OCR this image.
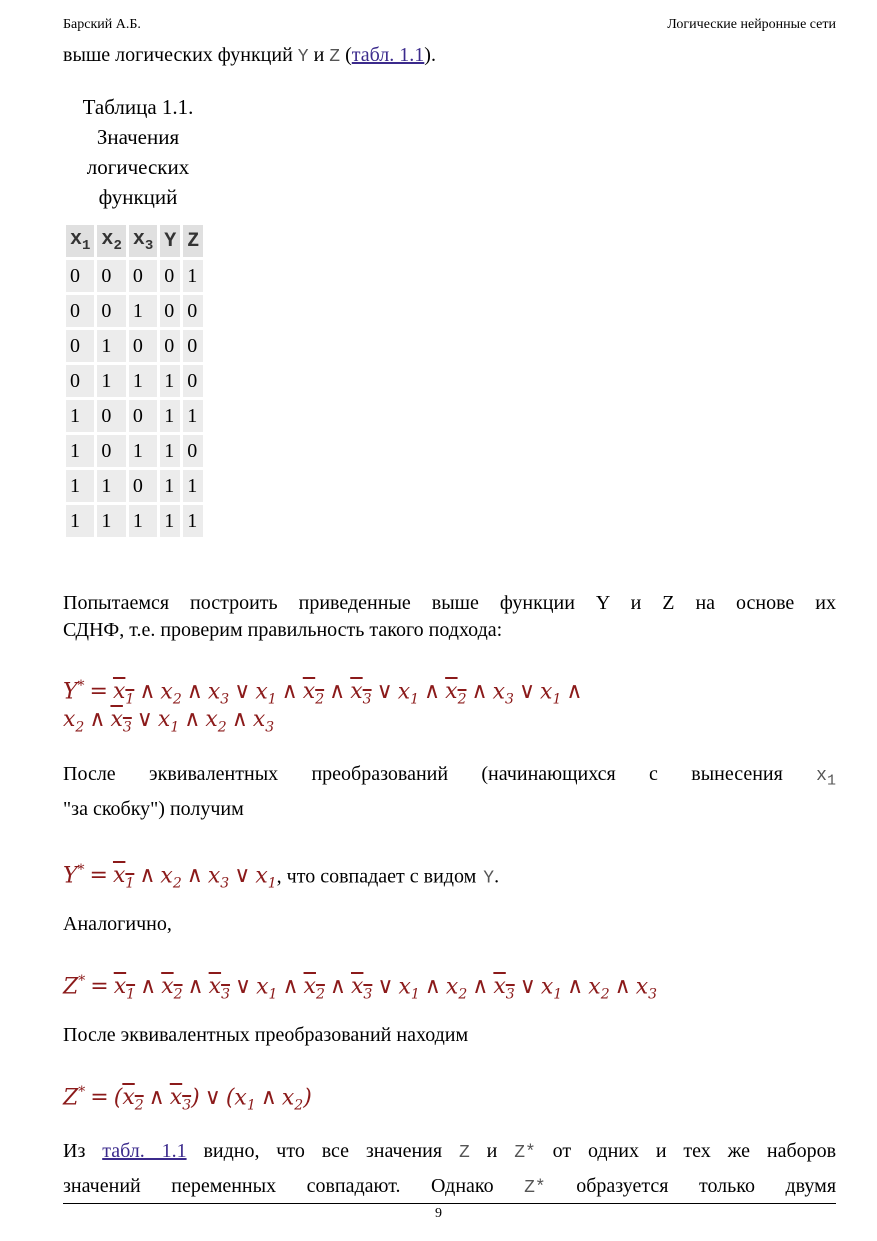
Барский А.Б.	Логические нейронные сети

выше логических функций Y и Z (табл. 1.1).

Таблица 1.1.
Значения
логических
функций
$x_1$	$x_2$	$x_3$	Y	Z
0	0	0	0	1
0	0	1	0	0
0	1	0	0	0
0	1	1	1	0
1	0	0	1	1
1	0	1	1	0
1	1	0	1	1
1	1	1	1	1

Попытаемся построить приведенные выше функции Y и Z на основе их

СДНФ, т.е. проверим правильность такого подхода:

$Y^* = x_1$ ∧ $x_2$ ∧ $x_3$ ∨ $x_1$ ∧ $x_2$ ∧ $x_3$ ∨ $x_1$ ∧ $x_2$ ∧ $x_3$ ∨ $x_1$ ∧
$x_2$ ∧ $x_3$ ∨ $x_1$ ∧ $x_2$ ∧ $x_3$

После эквивалентных преобразований (начинающихся с вынесения $x_1$

"за скобку") получим

$Y^* = x_1$ ∧ $x_2$ ∧ $x_3$ ∨ $x_1$, что совпадает с видом Y.

Аналогично,

$Z^* = x_1$ ∧ $x_2$ ∧ $x_3$ ∨ $x_1$ ∧ $x_2$ ∧ $x_3$ ∨ $x_1$ ∧ $x_2$ ∧ $x_3$ ∨ $x_1$ ∧ $x_2$ ∧ $x_3$

После эквивалентных преобразований находим

$Z^* = (x_2$ ∧ $x_3$) ∨ ($x_1$ ∧ $x_2$)

Из табл. 1.1 видно, что все значения Z и Z* от одних и тех же наборов

значений переменных совпадают. Однако Z* образуется только двумя

9
